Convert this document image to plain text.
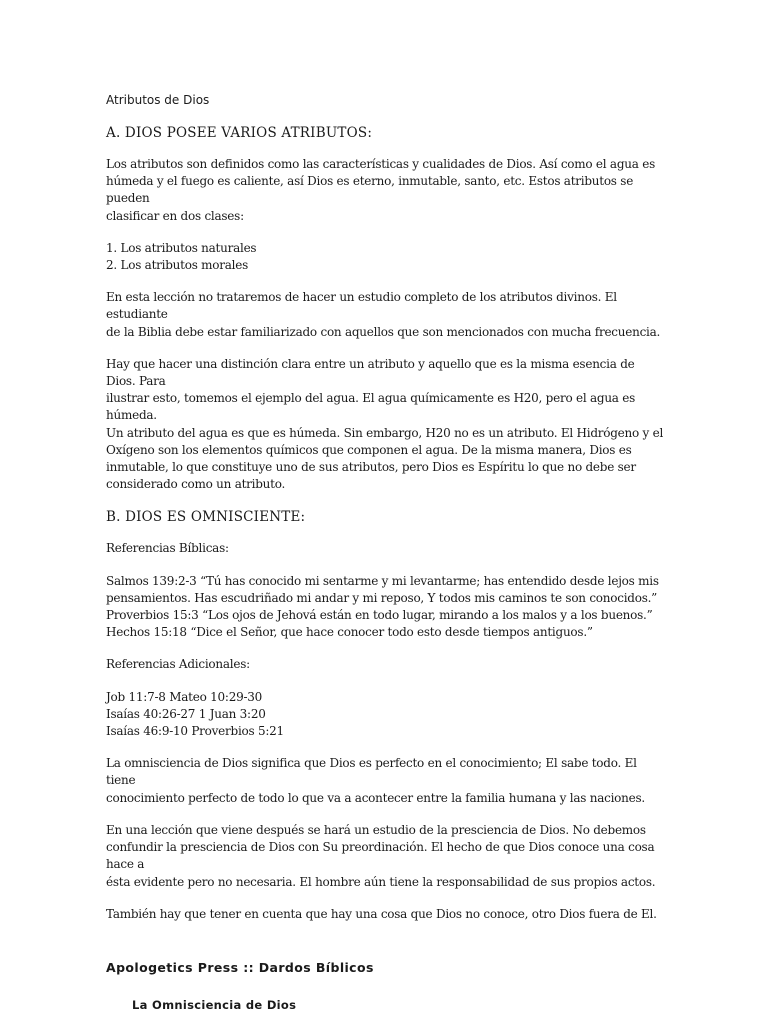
Atributos de Dios
A. DIOS POSEE VARIOS ATRIBUTOS:

Los atributos son definidos como las características y cualidades de Dios. Así como el agua es
húmeda y el fuego es caliente, así Dios es eterno, inmutable, santo, etc. Estos atributos se pueden
clasificar en dos clases:

1. Los atributos naturales
2. Los atributos morales

En esta lección no trataremos de hacer un estudio completo de los atributos divinos. El estudiante
de la Biblia debe estar familiarizado con aquellos que son mencionados con mucha frecuencia.

Hay que hacer una distinción clara entre un atributo y aquello que es la misma esencia de Dios. Para
ilustrar esto, tomemos el ejemplo del agua. El agua químicamente es H20, pero el agua es húmeda.
Un atributo del agua es que es húmeda. Sin embargo, H20 no es un atributo. El Hidrógeno y el
Oxígeno son los elementos químicos que componen el agua. De la misma manera, Dios es
inmutable, lo que constituye uno de sus atributos, pero Dios es Espíritu lo que no debe ser
considerado como un atributo.

B. DIOS ES OMNISCIENTE:

Referencias Bíblicas:

Salmos 139:2-3 “Tú has conocido mi sentarme y mi levantarme; has entendido desde lejos mis
pensamientos. Has escudriñado mi andar y mi reposo, Y todos mis caminos te son conocidos.”
Proverbios 15:3 “Los ojos de Jehová están en todo lugar, mirando a los malos y a los buenos.”
Hechos 15:18 “Dice el Señor, que hace conocer todo esto desde tiempos antiguos.”

Referencias Adicionales:

Job 11:7-8 Mateo 10:29-30
Isaías 40:26-27 1 Juan 3:20
Isaías 46:9-10 Proverbios 5:21

La omnisciencia de Dios significa que Dios es perfecto en el conocimiento; El sabe todo. El tiene
conocimiento perfecto de todo lo que va a acontecer entre la familia humana y las naciones.

En una lección que viene después se hará un estudio de la presciencia de Dios. No debemos
confundir la presciencia de Dios con Su preordinación. El hecho de que Dios conoce una cosa hace a
ésta evidente pero no necesaria. El hombre aún tiene la responsabilidad de sus propios actos.

También hay que tener en cuenta que hay una cosa que Dios no conoce, otro Dios fuera de El.

Apologetics Press :: Dardos Bíblicos
La Omnisciencia de Dios
